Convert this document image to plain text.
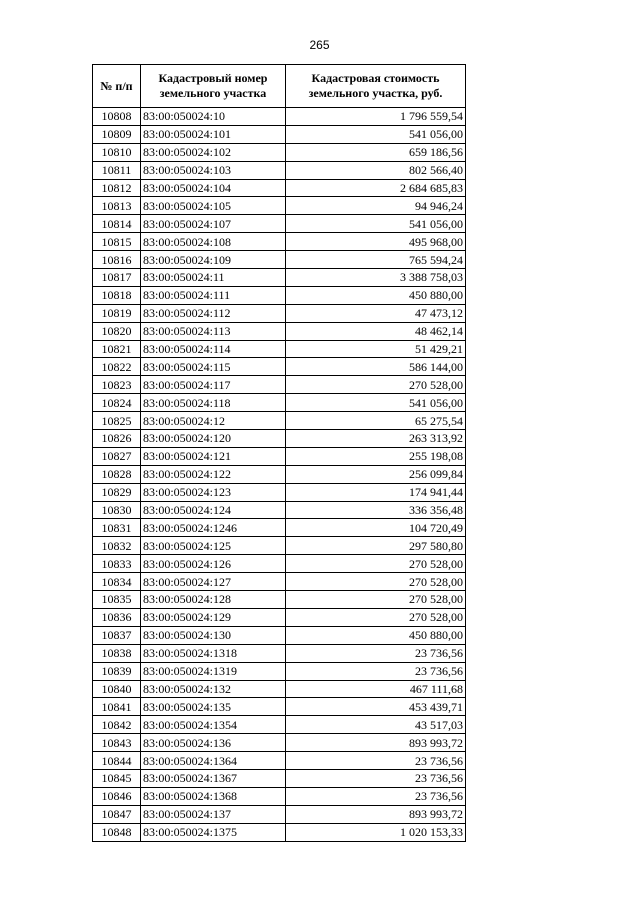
265
№ п/п	Кадастровый номер земельного участка	Кадастровая стоимость земельного участка, руб.
10808	83:00:050024:10	1 796 559,54
10809	83:00:050024:101	541 056,00
10810	83:00:050024:102	659 186,56
10811	83:00:050024:103	802 566,40
10812	83:00:050024:104	2 684 685,83
10813	83:00:050024:105	94 946,24
10814	83:00:050024:107	541 056,00
10815	83:00:050024:108	495 968,00
10816	83:00:050024:109	765 594,24
10817	83:00:050024:11	3 388 758,03
10818	83:00:050024:111	450 880,00
10819	83:00:050024:112	47 473,12
10820	83:00:050024:113	48 462,14
10821	83:00:050024:114	51 429,21
10822	83:00:050024:115	586 144,00
10823	83:00:050024:117	270 528,00
10824	83:00:050024:118	541 056,00
10825	83:00:050024:12	65 275,54
10826	83:00:050024:120	263 313,92
10827	83:00:050024:121	255 198,08
10828	83:00:050024:122	256 099,84
10829	83:00:050024:123	174 941,44
10830	83:00:050024:124	336 356,48
10831	83:00:050024:1246	104 720,49
10832	83:00:050024:125	297 580,80
10833	83:00:050024:126	270 528,00
10834	83:00:050024:127	270 528,00
10835	83:00:050024:128	270 528,00
10836	83:00:050024:129	270 528,00
10837	83:00:050024:130	450 880,00
10838	83:00:050024:1318	23 736,56
10839	83:00:050024:1319	23 736,56
10840	83:00:050024:132	467 111,68
10841	83:00:050024:135	453 439,71
10842	83:00:050024:1354	43 517,03
10843	83:00:050024:136	893 993,72
10844	83:00:050024:1364	23 736,56
10845	83:00:050024:1367	23 736,56
10846	83:00:050024:1368	23 736,56
10847	83:00:050024:137	893 993,72
10848	83:00:050024:1375	1 020 153,33
